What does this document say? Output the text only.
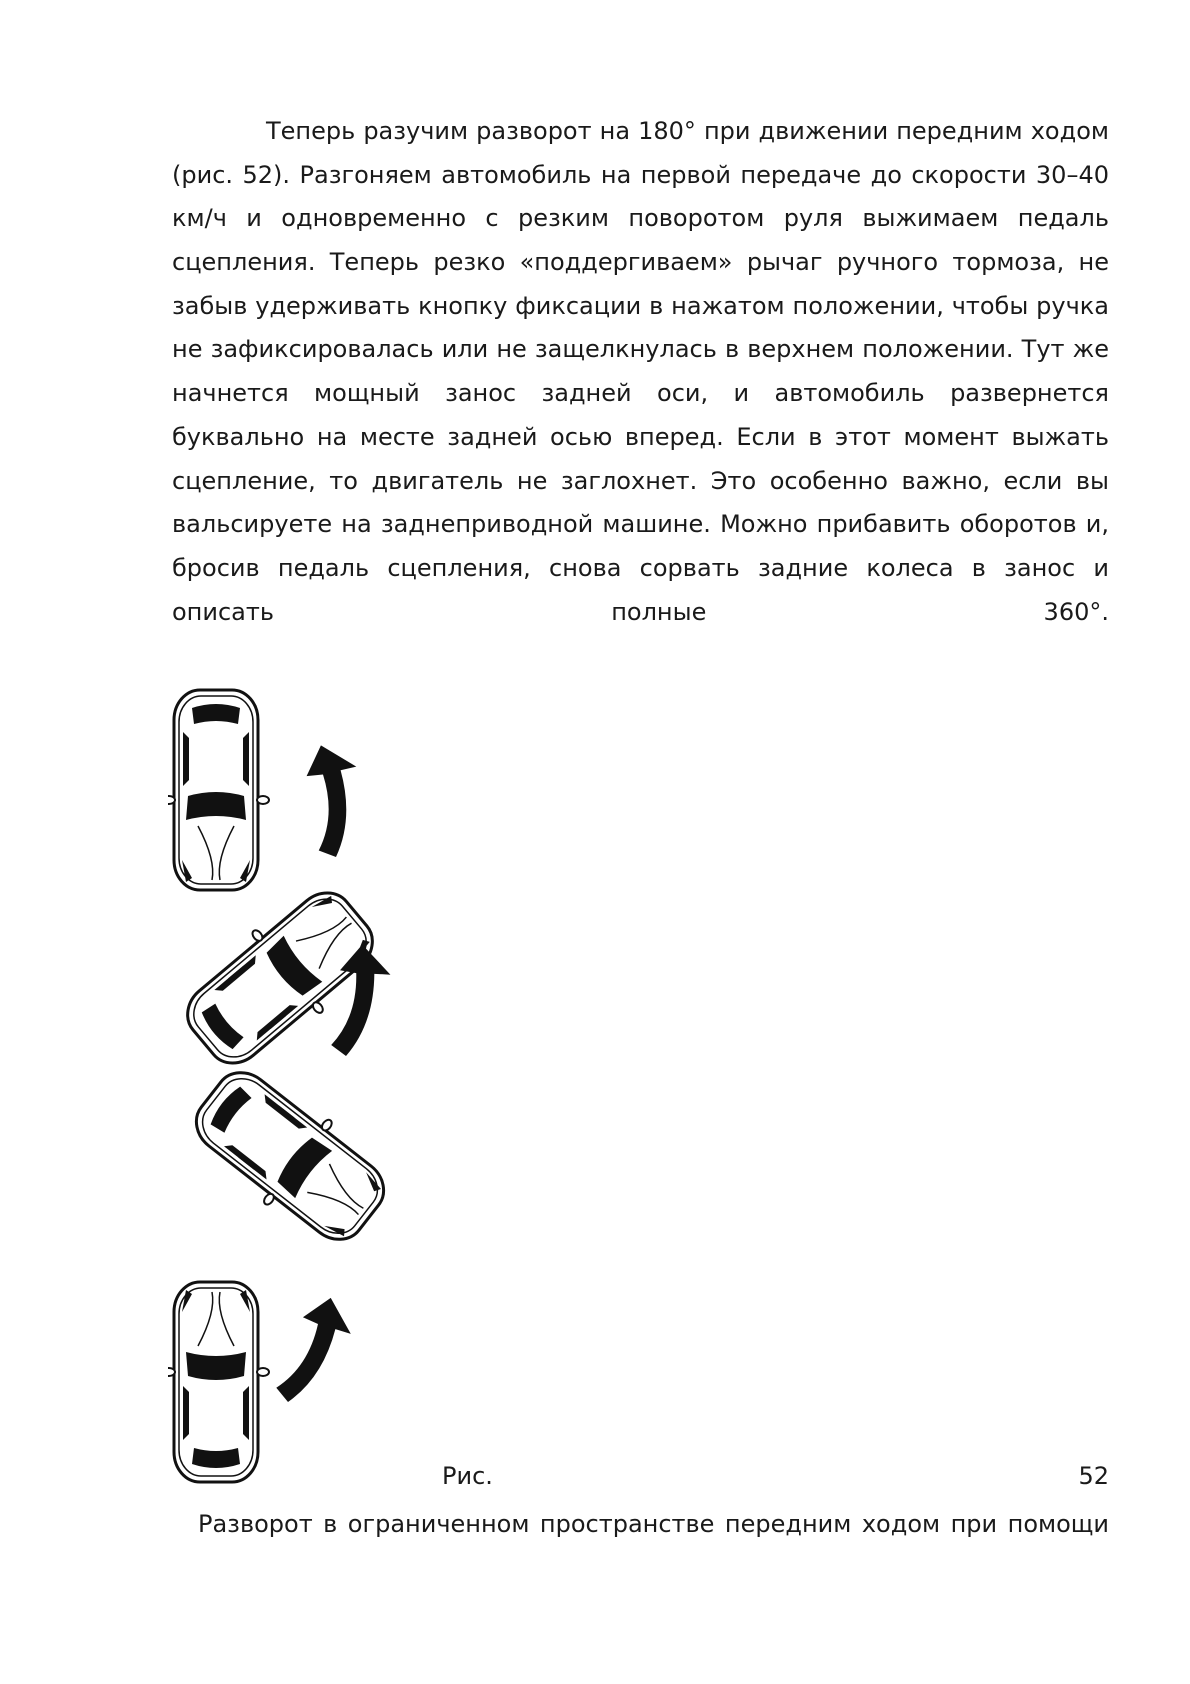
Теперь разучим разворот на 180° при движении передним ходом
(рис. 52). Разгоняем автомобиль на первой передаче до скорости 30–40
км/ч и одновременно с резким поворотом руля выжимаем педаль
сцепления. Теперь резко «поддергиваем» рычаг ручного тормоза, не
забыв удерживать кнопку фиксации в нажатом положении, чтобы ручка
не зафиксировалась или не защелкнулась в верхнем положении. Тут же
начнется мощный занос задней оси, и автомобиль развернется
буквально на месте задней осью вперед. Если в этот момент выжать
сцепление, то двигатель не заглохнет. Это особенно важно, если вы
вальсируете на заднеприводной машине. Можно прибавить оборотов и,
бросив педаль сцепления, снова сорвать задние колеса в занос и
описать полные 360°.
Рис.	52
Разворот в ограниченном пространстве передним ходом при помощи
